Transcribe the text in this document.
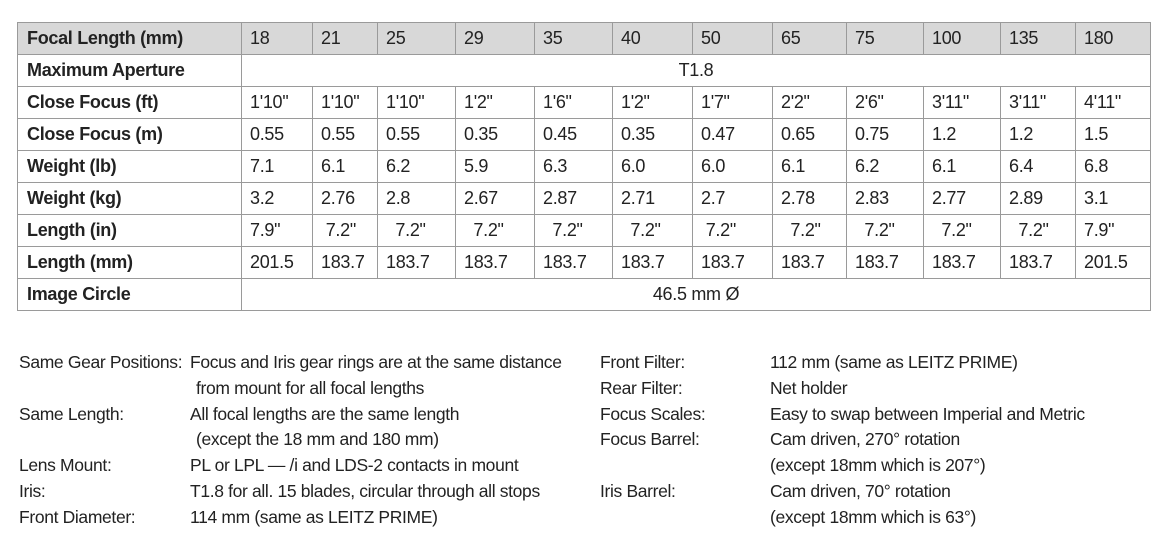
Focal Length (mm)	18	21	25	29	35	40	50	65	75	100	135	180
Maximum Aperture	T1.8											
Close Focus (ft)	1'10''	1'10"	1'10"	1'2"	1'6"	1'2"	1'7"	2'2"	2'6"	3'11"	3'11"	4'11"
Close Focus (m)	0.55	0.55	0.55	0.35	0.45	0.35	0.47	0.65	0.75	1.2	1.2	1.5
Weight (lb)	7.1	6.1	6.2	5.9	6.3	6.0	6.0	6.1	6.2	6.1	6.4	6.8
Weight (kg)	3.2	2.76	2.8	2.67	2.87	2.71	2.7	2.78	2.83	2.77	2.89	3.1
Length (in)	7.9"	7.2"	7.2"	7.2"	7.2"	7.2"	7.2"	7.2"	7.2"	7.2"	7.2"	7.9"
Length (mm)	201.5	183.7	183.7	183.7	183.7	183.7	183.7	183.7	183.7	183.7	183.7	201.5
Image Circle	46.5 mm Ø											
Same Gear Positions: Focus and Iris gear rings are at the same distance
from mount for all focal lengths
Same Length:	All focal lengths are the same length
(except the 18 mm and 180 mm)
Lens Mount:	PL or LPL — /i and LDS-2 contacts in mount
Iris:	T1.8 for all. 15 blades, circular through all stops
Front Diameter:	114 mm (same as LEITZ PRIME)
Front Filter:	112 mm (same as LEITZ PRIME)
Rear Filter:	Net holder
Focus Scales:	Easy to swap between Imperial and Metric
Focus Barrel:	Cam driven, 270° rotation
(except 18mm which is 207°)
Iris Barrel:	Cam driven, 70° rotation
(except 18mm which is 63°)
